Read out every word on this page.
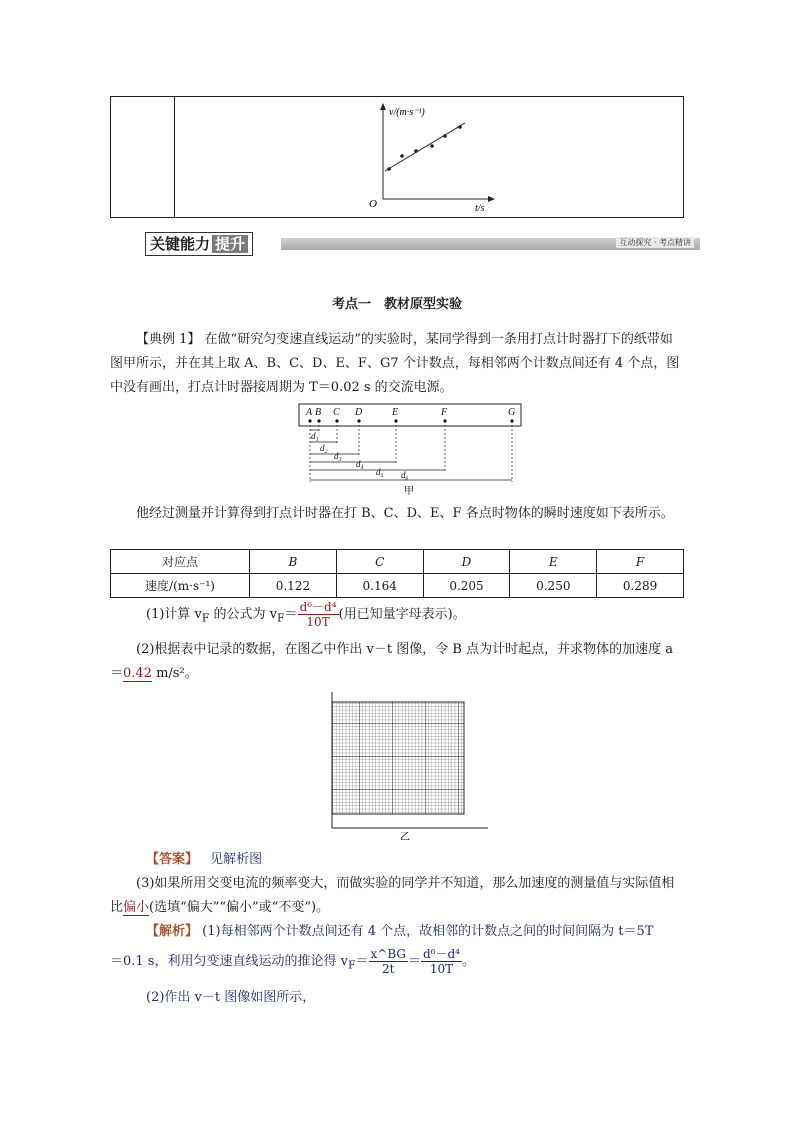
v/(m·s⁻¹)
O	t/s
关键能力 提升	互动探究 · 考点精讲
考点一　教材原型实验
【典例 1】 在做“研究匀变速直线运动”的实验时，某同学得到一条用打点计时器打下的纸带如图甲所示，并在其上取 A、B、C、D、E、F、G7 个计数点，每相邻两个计数点间还有 4 个点，图中没有画出，打点计时器接周期为 T＝0.02 s 的交流电源。
A B C D	E	F	G
d₁
d₂
d₃
d₄
d₅ d₆
甲
他经过测量并计算得到打点计时器在打 B、C、D、E、F 各点时物体的瞬时速度如下表所示。
对应点	B	C	D	E	F
速度/(m·s⁻¹)	0.122	0.164	0.205	0.250	0.289
(1)计算 $v_F$ 的公式为 $v_F= \frac{\text{d⁶－d⁴}}{10T}$ (用已知量字母表示)。
(2)根据表中记录的数据，在图乙中作出 v－t 图像，令 B 点为计时起点，并求物体的加速度 a＝0.42 m/s²。
乙
【答案】 见解析图
(3)如果所用交变电流的频率变大，而做实验的同学并不知道，那么加速度的测量值与实际值相比偏小(选填“偏大”“偏小”或“不变”)。
【解析】 (1)每相邻两个计数点间还有 4 个点，故相邻的计数点之间的时间间隔为 t＝5T
＝0.1 s，利用匀变速直线运动的推论得 $v_F= \frac{x\^{}BG}{2t} = \frac{\text{d⁶－d⁴}}{10T}$ 。
(2)作出 v－t 图像如图所示，
